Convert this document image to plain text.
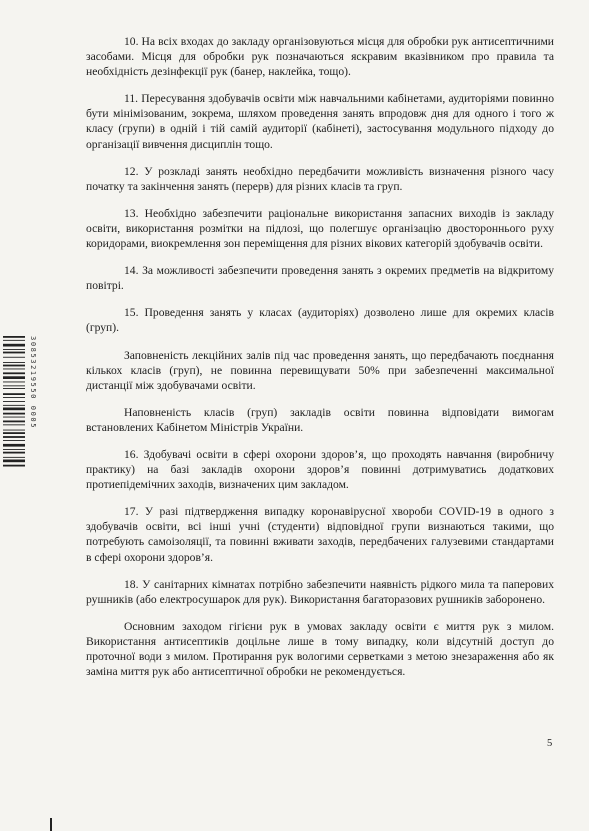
10. На всіх входах до закладу організовуються місця для обробки рук антисептичними засобами. Місця для обробки рук позначаються яскравим вказівником про правила та необхідність дезінфекції рук (банер, наклейка, тощо).

11. Пересування здобувачів освіти між навчальними кабінетами, аудиторіями повинно бути мінімізованим, зокрема, шляхом проведення занять впродовж дня для одного і того ж класу (групи) в одній і тій самій аудиторії (кабінеті), застосування модульного підходу до організації вивчення дисциплін тощо.

12. У розкладі занять необхідно передбачити можливість визначення різного часу початку та закінчення занять (перерв) для різних класів та груп.

13. Необхідно забезпечити раціональне використання запасних виходів із закладу освіти, використання розмітки на підлозі, що полегшує організацію двостороннього руху коридорами, виокремлення зон переміщення для різних вікових категорій здобувачів освіти.

14. За можливості забезпечити проведення занять з окремих предметів на відкритому повітрі.

15. Проведення занять у класах (аудиторіях) дозволено лише для окремих класів (груп).

Заповненість лекційних залів під час проведення занять, що передбачають поєднання кількох класів (груп), не повинна перевищувати 50% при забезпеченні максимальної дистанції між здобувачами освіти.

Наповненість класів (груп) закладів освіти повинна відповідати вимогам встановлених Кабінетом Міністрів України.

16. Здобувачі освіти в сфері охорони здоров’я, що проходять навчання (виробничу практику) на базі закладів охорони здоров’я повинні дотримуватись додаткових протиепідемічних заходів, визначених цим закладом.

17. У разі підтвердження випадку коронавірусної хвороби COVID-19 в одного з здобувачів освіти, всі інші учні (студенти) відповідної групи визнаються такими, що потребують самоізоляції, та повинні вживати заходів, передбачених галузевими стандартами в сфері охорони здоров’я.

18. У санітарних кімнатах потрібно забезпечити наявність рідкого мила та паперових рушників (або електросушарок для рук). Використання багаторазових рушників заборонено.

Основним заходом гігієни рук в умовах закладу освіти є миття рук з милом. Використання антисептиків доцільне лише в тому випадку, коли відсутній доступ до проточної води з милом. Протирання рук вологими серветками з метою знезараження або як заміна миття рук або антисептичної обробки не рекомендується.

5
30853219550 0005
